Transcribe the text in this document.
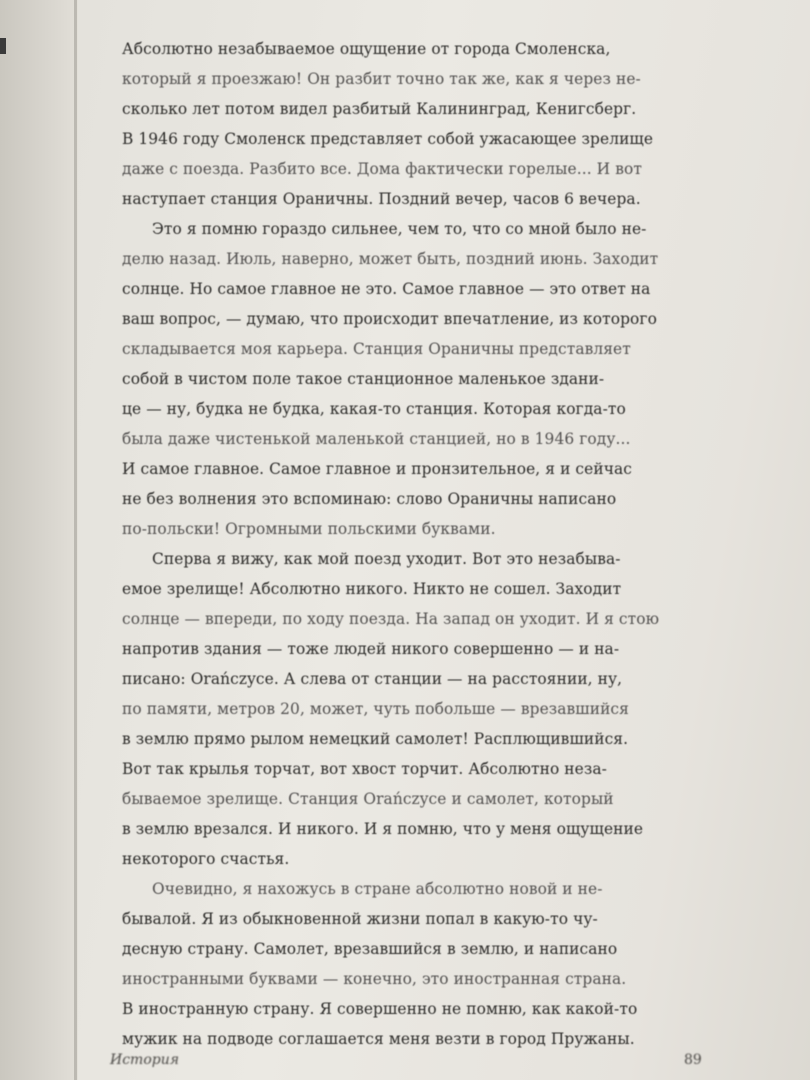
Абсолютно незабываемое ощущение от города Смоленска,
который я проезжаю! Он разбит точно так же, как я через не-
сколько лет потом видел разбитый Калининград, Кенигсберг.
В 1946 году Смоленск представляет собой ужасающее зрелище
даже с поезда. Разбито все. Дома фактически горелые... И вот
наступает станция Ораничны. Поздний вечер, часов 6 вечера.
Это я помню гораздо сильнее, чем то, что со мной было не-
делю назад. Июль, наверно, может быть, поздний июнь. Заходит
солнце. Но самое главное не это. Самое главное — это ответ на
ваш вопрос, — думаю, что происходит впечатление, из которого
складывается моя карьера. Станция Ораничны представляет
собой в чистом поле такое станционное маленькое здани-
це — ну, будка не будка, какая-то станция. Которая когда-то
была даже чистенькой маленькой станцией, но в 1946 году...
И самое главное. Самое главное и пронзительное, я и сейчас
не без волнения это вспоминаю: слово Ораничны написано
по-польски! Огромными польскими буквами.
Сперва я вижу, как мой поезд уходит. Вот это незабыва-
емое зрелище! Абсолютно никого. Никто не сошел. Заходит
солнце — впереди, по ходу поезда. На запад он уходит. И я стою
напротив здания — тоже людей никого совершенно — и на-
писано: Orańczyce. А слева от станции — на расстоянии, ну,
по памяти, метров 20, может, чуть побольше — врезавшийся
в землю прямо рылом немецкий самолет! Расплющившийся.
Вот так крылья торчат, вот хвост торчит. Абсолютно неза-
бываемое зрелище. Станция Orańczyce и самолет, который
в землю врезался. И никого. И я помню, что у меня ощущение
некоторого счастья.
Очевидно, я нахожусь в стране абсолютно новой и не-
бывалой. Я из обыкновенной жизни попал в какую-то чу-
десную страну. Самолет, врезавшийся в землю, и написано
иностранными буквами — конечно, это иностранная страна.
В иностранную страну. Я совершенно не помню, как какой-то
мужик на подводе соглашается меня везти в город Пружаны.
История	89
